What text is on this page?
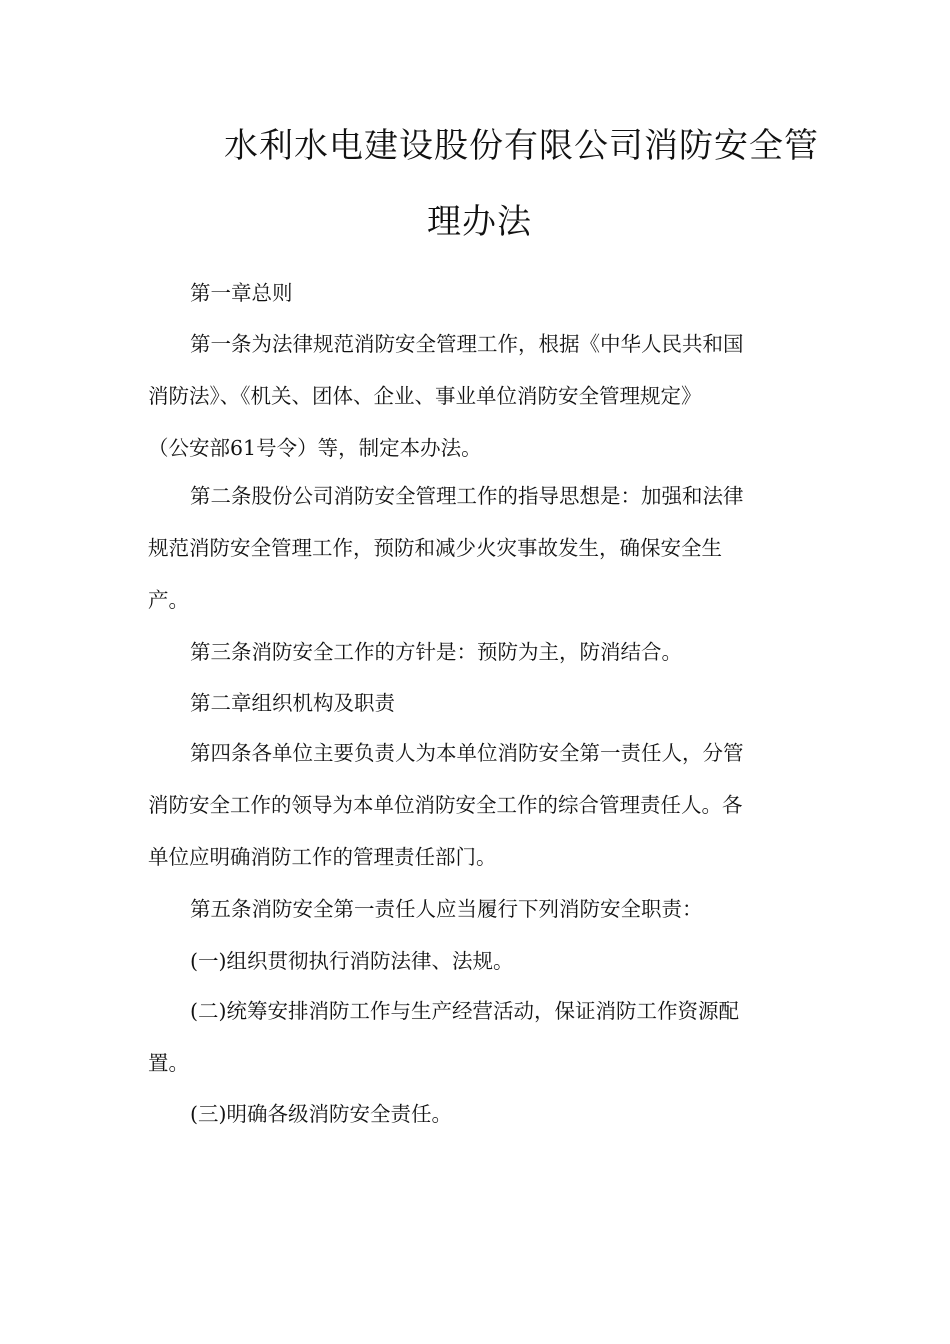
水利水电建设股份有限公司消防安全管
理办法
第一章总则
第一条为法律规范消防安全管理工作，根据《中华人民共和国
消防法》、《机关、团体、企业、事业单位消防安全管理规定》
（公安部61号令）等，制定本办法。
第二条股份公司消防安全管理工作的指导思想是：加强和法律
规范消防安全管理工作，预防和减少火灾事故发生，确保安全生
产。
第三条消防安全工作的方针是：预防为主，防消结合。
第二章组织机构及职责
第四条各单位主要负责人为本单位消防安全第一责任人，分管
消防安全工作的领导为本单位消防安全工作的综合管理责任人。各
单位应明确消防工作的管理责任部门。
第五条消防安全第一责任人应当履行下列消防安全职责：
(一)组织贯彻执行消防法律、法规。
(二)统筹安排消防工作与生产经营活动，保证消防工作资源配
置。
(三)明确各级消防安全责任。
